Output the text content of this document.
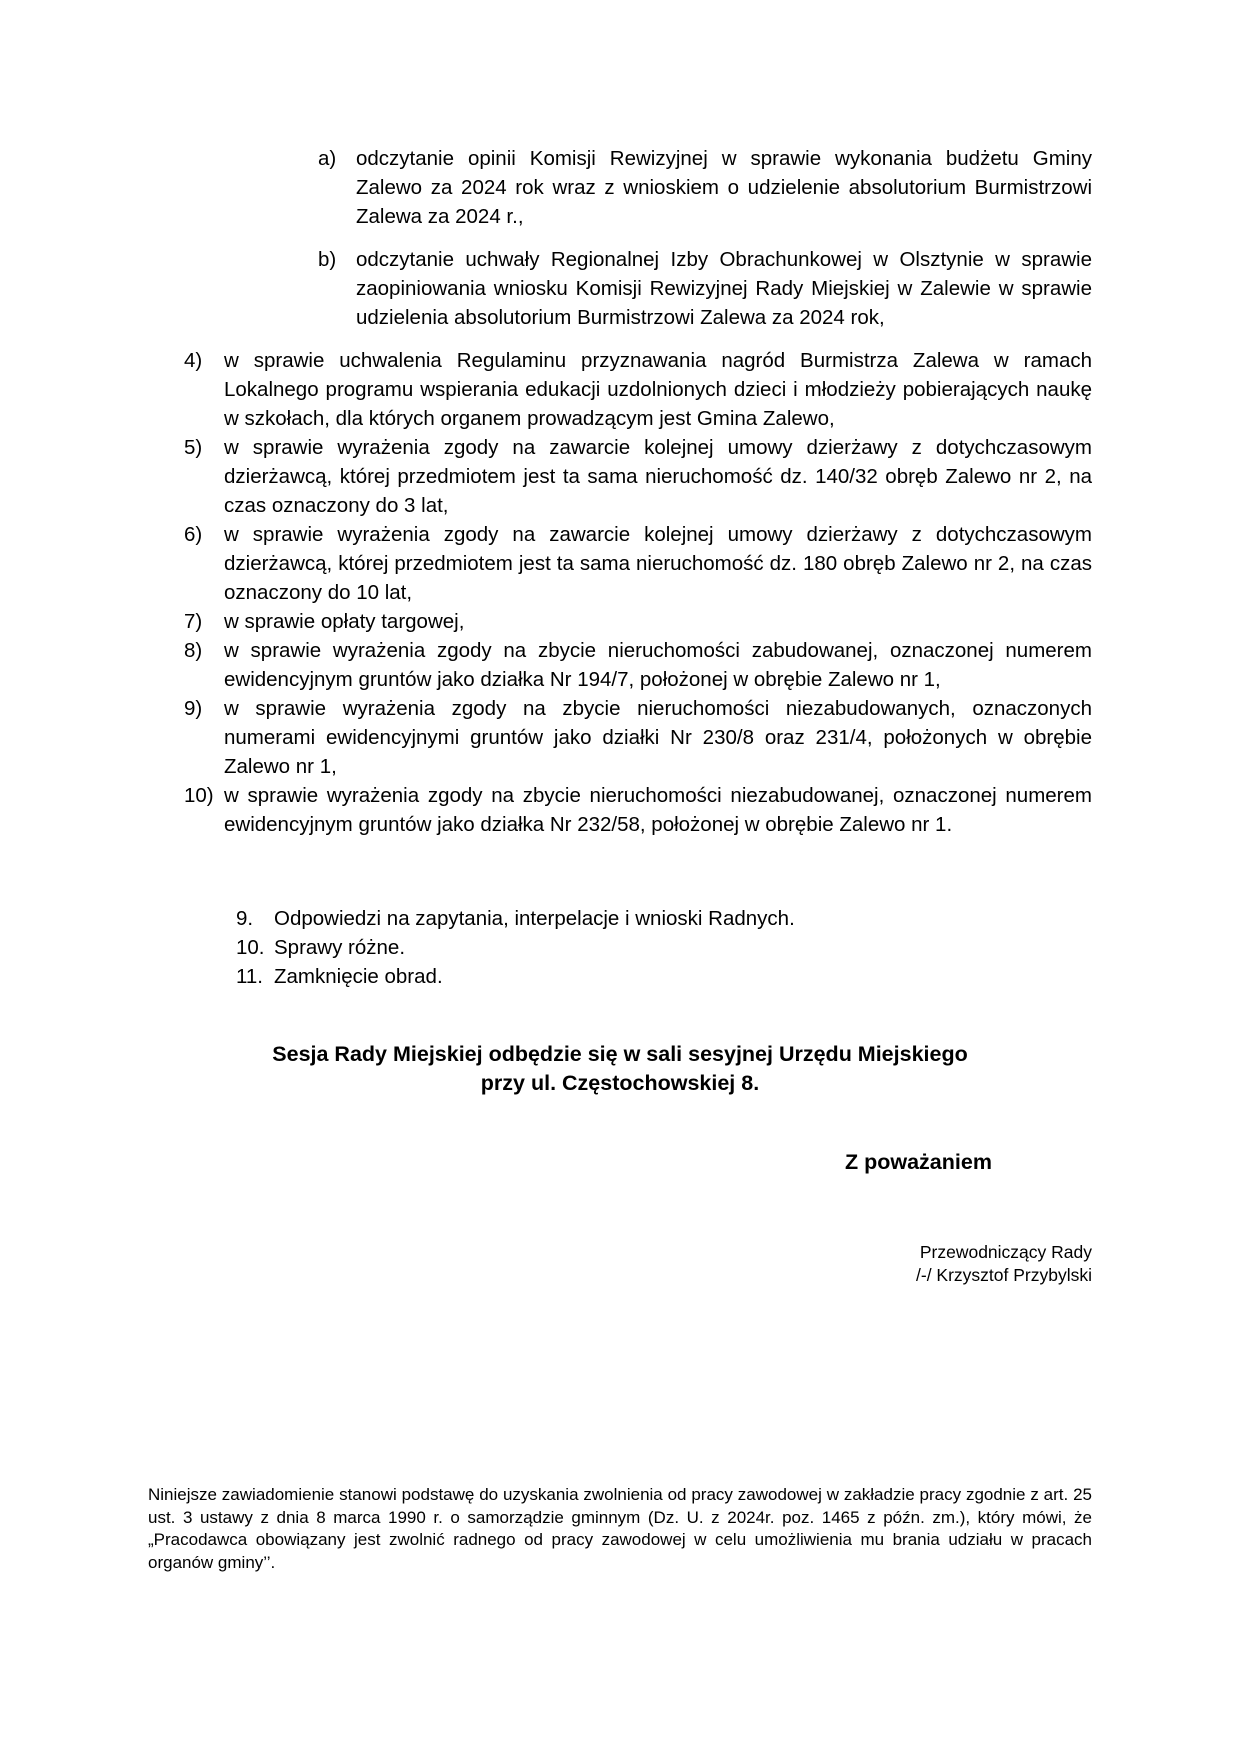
a) odczytanie opinii Komisji Rewizyjnej w sprawie wykonania budżetu Gminy Zalewo za 2024 rok wraz z wnioskiem o udzielenie absolutorium Burmistrzowi Zalewa za 2024 r.,
b) odczytanie uchwały Regionalnej Izby Obrachunkowej w Olsztynie w sprawie zaopiniowania wniosku Komisji Rewizyjnej Rady Miejskiej w Zalewie w sprawie udzielenia absolutorium Burmistrzowi Zalewa za 2024 rok,
4) w sprawie uchwalenia Regulaminu przyznawania nagród Burmistrza Zalewa w ramach Lokalnego programu wspierania edukacji uzdolnionych dzieci i młodzieży pobierających naukę w szkołach, dla których organem prowadzącym jest Gmina Zalewo,
5) w sprawie wyrażenia zgody na zawarcie kolejnej umowy dzierżawy z dotychczasowym dzierżawcą, której przedmiotem jest ta sama nieruchomość dz. 140/32 obręb Zalewo nr 2, na czas oznaczony do 3 lat,
6) w sprawie wyrażenia zgody na zawarcie kolejnej umowy dzierżawy z dotychczasowym dzierżawcą, której przedmiotem jest ta sama nieruchomość dz. 180 obręb Zalewo nr 2, na czas oznaczony do 10 lat,
7) w sprawie opłaty targowej,
8) w sprawie wyrażenia zgody na zbycie nieruchomości zabudowanej, oznaczonej numerem ewidencyjnym gruntów jako działka Nr 194/7, położonej w obrębie Zalewo nr 1,
9) w sprawie wyrażenia zgody na zbycie nieruchomości niezabudowanych, oznaczonych numerami ewidencyjnymi gruntów jako działki Nr 230/8 oraz 231/4, położonych w obrębie Zalewo nr 1,
10) w sprawie wyrażenia zgody na zbycie nieruchomości niezabudowanej, oznaczonej numerem ewidencyjnym gruntów jako działka Nr 232/58, położonej w obrębie Zalewo nr 1.
9. Odpowiedzi na zapytania, interpelacje i wnioski Radnych.
10. Sprawy różne.
11. Zamknięcie obrad.
Sesja Rady Miejskiej odbędzie się w sali sesyjnej Urzędu Miejskiego
przy ul. Częstochowskiej 8.
Z poważaniem
Przewodniczący Rady
/-/ Krzysztof Przybylski
Niniejsze zawiadomienie stanowi podstawę do uzyskania zwolnienia od pracy zawodowej w zakładzie pracy zgodnie z art. 25 ust. 3 ustawy z dnia 8 marca 1990 r. o samorządzie gminnym (Dz. U. z 2024r. poz. 1465 z późn. zm.), który mówi, że „Pracodawca obowiązany jest zwolnić radnego od pracy zawodowej w celu umożliwienia mu brania udziału w pracach organów gminy’’.
